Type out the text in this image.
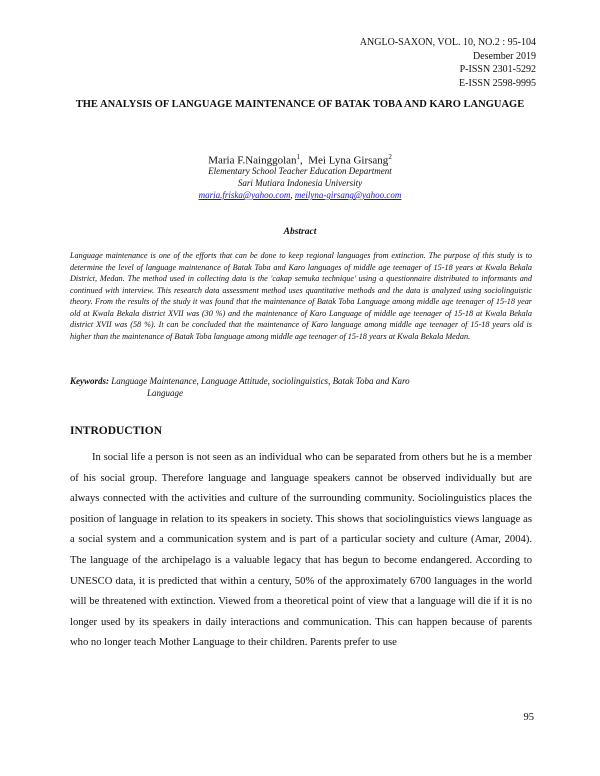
ANGLO-SAXON, VOL. 10, NO.2 : 95-104
Desember 2019
P-ISSN 2301-5292
E-ISSN 2598-9995
THE ANALYSIS OF LANGUAGE MAINTENANCE OF BATAK TOBA AND KARO LANGUAGE
Maria F.Nainggolan$^1$,  Mei Lyna Girsang$^2$
Elementary School Teacher Education Department
Sari Mutiara Indonesia University
maria.friska@yahoo.com, meilyna-girsang@yahoo.com
Abstract

Language maintenance is one of the efforts that can be done to keep regional languages from extinction. The purpose of this study is to determine the level of language maintenance of Batak Toba and Karo languages of middle age teenager of 15-18 years at Kwala Bekala District, Medan. The method used in collecting data is the 'cakap semuka technique' using a questionnaire distributed to informants and continued with interview. This research data assessment method uses quantitative methods and the data is analyzed using sociolinguistic theory. From the results of the study it was found that the maintenance of Batak Toba Language among middle age teenager of 15-18 year old at Kwala Bekala district XVII was (30 %) and the maintenance of Karo Language of middle age teenager of 15-18 at Kwala Bekala district XVII was (58 %). It can be concluded that the maintenance of Karo language among middle age teenager of 15-18 years old is higher than the maintenance of Batak Toba language among middle age teenager of 15-18 years at Kwala Bekala Medan.

Keywords: Language Maintenance, Language Attitude, sociolinguistics, Batak Toba and Karo
Language
INTRODUCTION

In social life a person is not seen as an individual who can be separated from others but he is a member of his social group. Therefore language and language speakers cannot be observed individually but are always connected with the activities and culture of the surrounding community. Sociolinguistics places the position of language in relation to its speakers in society. This shows that sociolinguistics views language as a social system and a communication system and is part of a particular society and culture (Amar, 2004). The language of the archipelago is a valuable legacy that has begun to become endangered. According to UNESCO data, it is predicted that within a century, 50% of the approximately 6700 languages in the world will be threatened with extinction. Viewed from a theoretical point of view that a language will die if it is no longer used by its speakers in daily interactions and communication. This can happen because of parents who no longer teach Mother Language to their children. Parents prefer to use

95
